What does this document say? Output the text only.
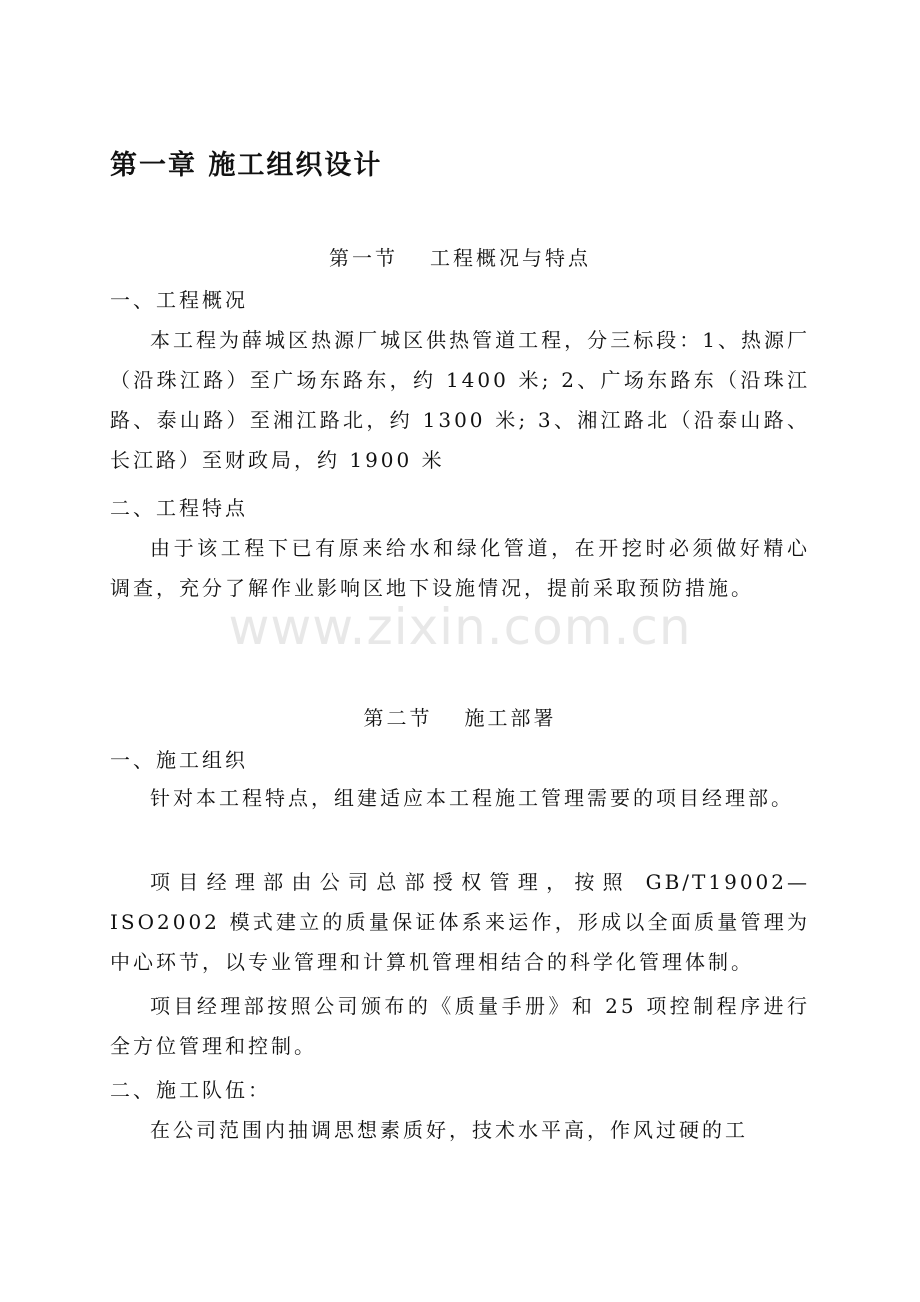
第一章 施工组织设计
第一节 工程概况与特点
一、工程概况

本工程为薛城区热源厂城区供热管道工程，分三标段：1、热源厂（沿珠江路）至广场东路东，约 1400 米; 2、广场东路东（沿珠江路、泰山路）至湘江路北，约 1300 米; 3、湘江路北（沿泰山路、长江路）至财政局，约 1900 米

二、工程特点

由于该工程下已有原来给水和绿化管道，在开挖时必须做好精心调查，充分了解作业影响区地下设施情况，提前采取预防措施。

第二节 施工部署
一、施工组织

针对本工程特点，组建适应本工程施工管理需要的项目经理部。

项目经理部由公司总部授权管理，按照 GB/T19002—ISO2002 模式建立的质量保证体系来运作，形成以全面质量管理为中心环节，以专业管理和计算机管理相结合的科学化管理体制。

项目经理部按照公司颁布的《质量手册》和 25 项控制程序进行全方位管理和控制。

二、施工队伍：

在公司范围内抽调思想素质好，技术水平高，作风过硬的工

www.zixin.com.cn
